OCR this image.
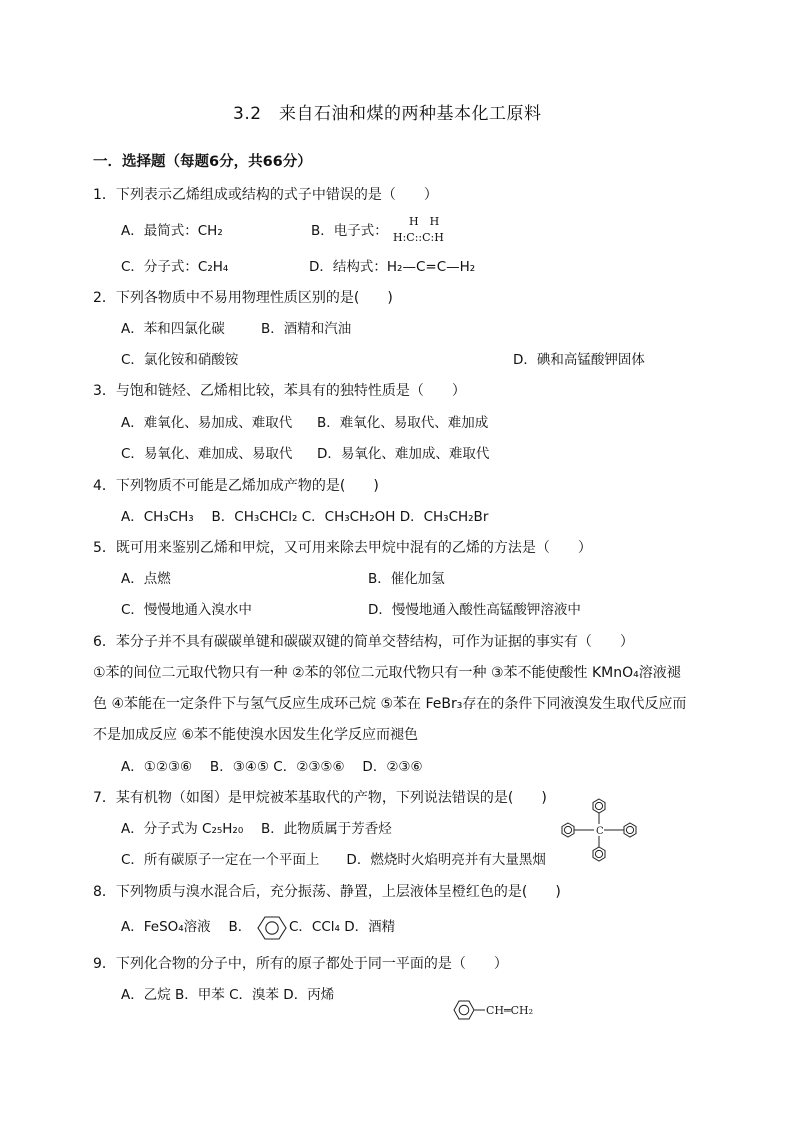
3.2　来自石油和煤的两种基本化工原料
一．选择题（每题6分，共66分）
1．下列表示乙烯组成或结构的式子中错误的是（　　）
A．最简式：CH₂	B．电子式：
H　H
H:C::C:H
C．分子式：C₂H₄	D．结构式：H₂—C=C—H₂
2．下列各物质中不易用物理性质区别的是(　　)
A．苯和四氯化碳	B．酒精和汽油
C．氯化铵和硝酸铵	D．碘和高锰酸钾固体
3．与饱和链烃、乙烯相比较，苯具有的独特性质是（　　）
A．难氧化、易加成、难取代 B．难氧化、易取代、难加成
C．易氧化、难加成、易取代 D．易氧化、难加成、难取代
4．下列物质不可能是乙烯加成产物的是(　　)
A．CH₃CH₃　 B．CH₃CHCl₂ C．CH₃CH₂OH D．CH₃CH₂Br
5．既可用来鉴别乙烯和甲烷，又可用来除去甲烷中混有的乙烯的方法是（　　）
A．点燃	B．催化加氢
C．慢慢地通入溴水中	D．慢慢地通入酸性高锰酸钾溶液中
6．苯分子并不具有碳碳单键和碳碳双键的简单交替结构，可作为证据的事实有（　　）
①苯的间位二元取代物只有一种 ②苯的邻位二元取代物只有一种 ③苯不能使酸性 KMnO₄溶液褪
色 ④苯能在一定条件下与氢气反应生成环己烷 ⑤苯在 FeBr₃存在的条件下同液溴发生取代反应而
不是加成反应 ⑥苯不能使溴水因发生化学反应而褪色
A．①②③⑥　 B．③④⑤ C．②③⑤⑥　 D．②③⑥
7．某有机物（如图）是甲烷被苯基取代的产物，下列说法错误的是(　　)
A．分子式为 C₂₅H₂₀　 B．此物质属于芳香烃
C．所有碳原子一定在一个平面上　　D．燃烧时火焰明亮并有大量黑烟
C
8．下列物质与溴水混合后，充分振荡、静置，上层液体呈橙红色的是(　　)
A．FeSO₄溶液　 B．	C．CCl₄ D．酒精
9．下列化合物的分子中，所有的原子都处于同一平面的是（　　）
A．乙烷 B．甲苯 C．溴苯 D．丙烯
CH═CH₂
